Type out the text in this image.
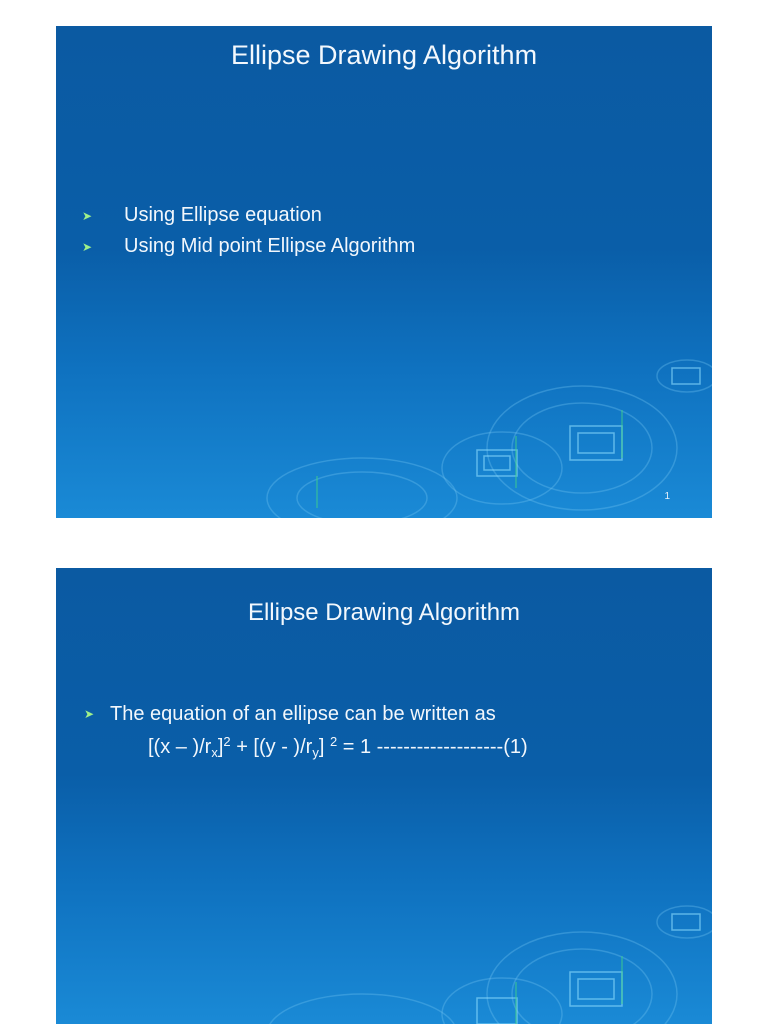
Ellipse Drawing Algorithm
➤	Using Ellipse equation
➤	Using Mid point Ellipse Algorithm
1
Ellipse Drawing Algorithm
➤ The equation of an ellipse can be written as
$[(x - )/r_x]^2 + [(y - )/r_y]$ $^2$ = 1 -------------------(1)
